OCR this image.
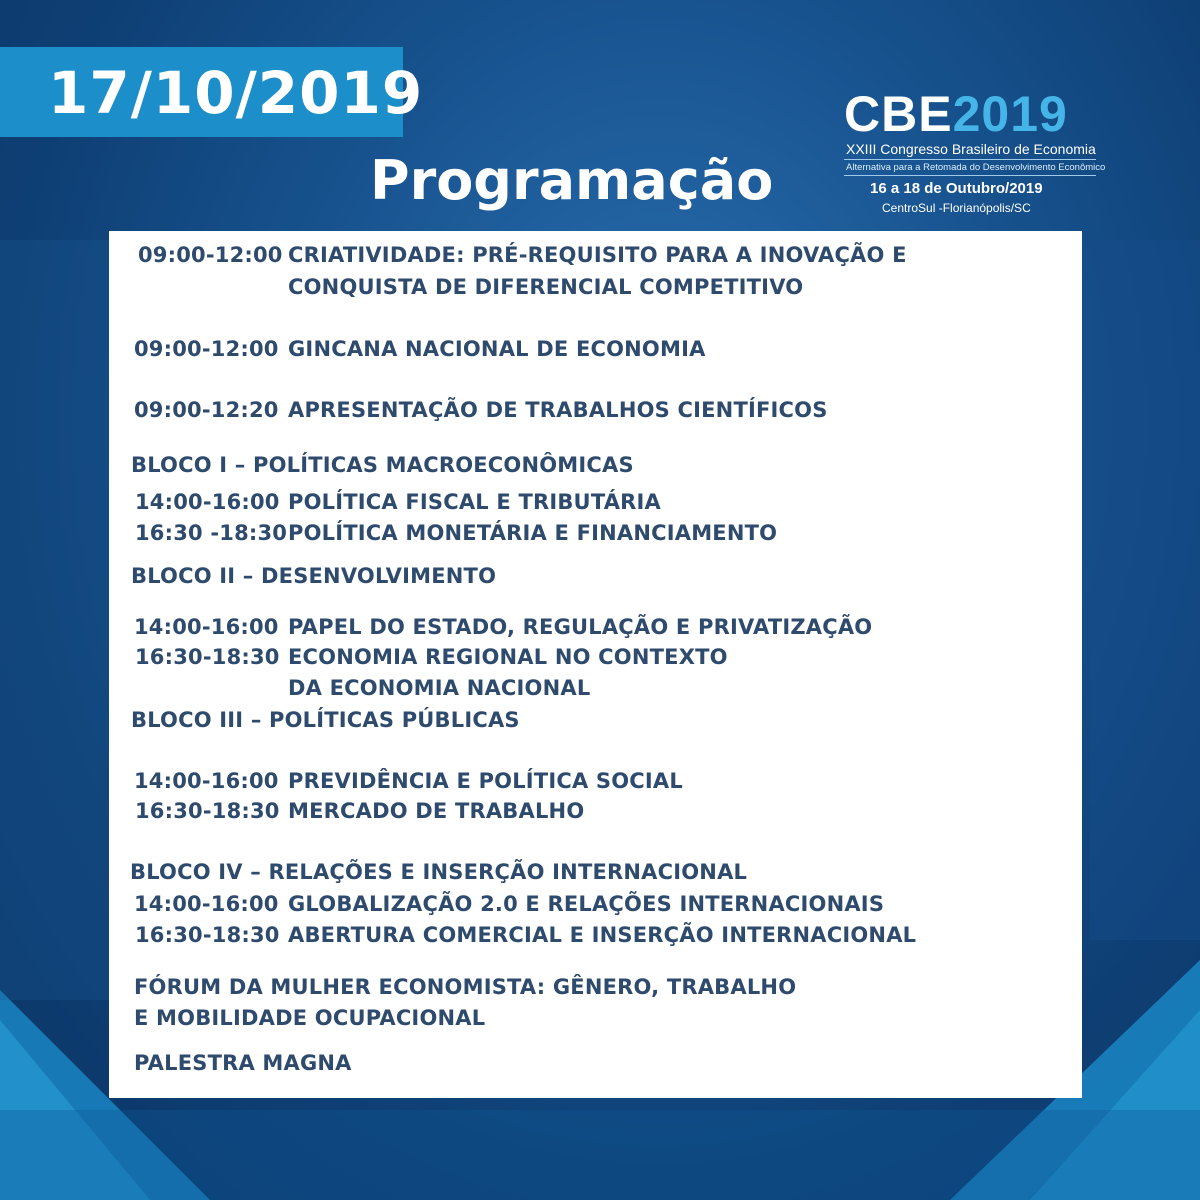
17/10/2019
Programação
CBE2019
XXIII Congresso Brasileiro de Economia
Alternativa para a Retomada do Desenvolvimento Econômico
16 a 18 de Outubro/2019
CentroSul -Florianópolis/SC
09:00-12:00 CRIATIVIDADE: PRÉ-REQUISITO PARA A INOVAÇÃO E
CONQUISTA DE DIFERENCIAL COMPETITIVO
09:00-12:00 GINCANA NACIONAL DE ECONOMIA
09:00-12:20 APRESENTAÇÃO DE TRABALHOS CIENTÍFICOS
BLOCO I – POLÍTICAS MACROECONÔMICAS
14:00-16:00 POLÍTICA FISCAL E TRIBUTÁRIA
16:30 -18:30 POLÍTICA MONETÁRIA E FINANCIAMENTO
BLOCO II – DESENVOLVIMENTO
14:00-16:00 PAPEL DO ESTADO, REGULAÇÃO E PRIVATIZAÇÃO
16:30-18:30 ECONOMIA REGIONAL NO CONTEXTO
DA ECONOMIA NACIONAL
BLOCO III – POLÍTICAS PÚBLICAS
14:00-16:00 PREVIDÊNCIA E POLÍTICA SOCIAL
16:30-18:30 MERCADO DE TRABALHO
BLOCO IV – RELAÇÕES E INSERÇÃO INTERNACIONAL
14:00-16:00 GLOBALIZAÇÃO 2.0 E RELAÇÕES INTERNACIONAIS
16:30-18:30 ABERTURA COMERCIAL E INSERÇÃO INTERNACIONAL
FÓRUM DA MULHER ECONOMISTA: GÊNERO, TRABALHO
E MOBILIDADE OCUPACIONAL
PALESTRA MAGNA
